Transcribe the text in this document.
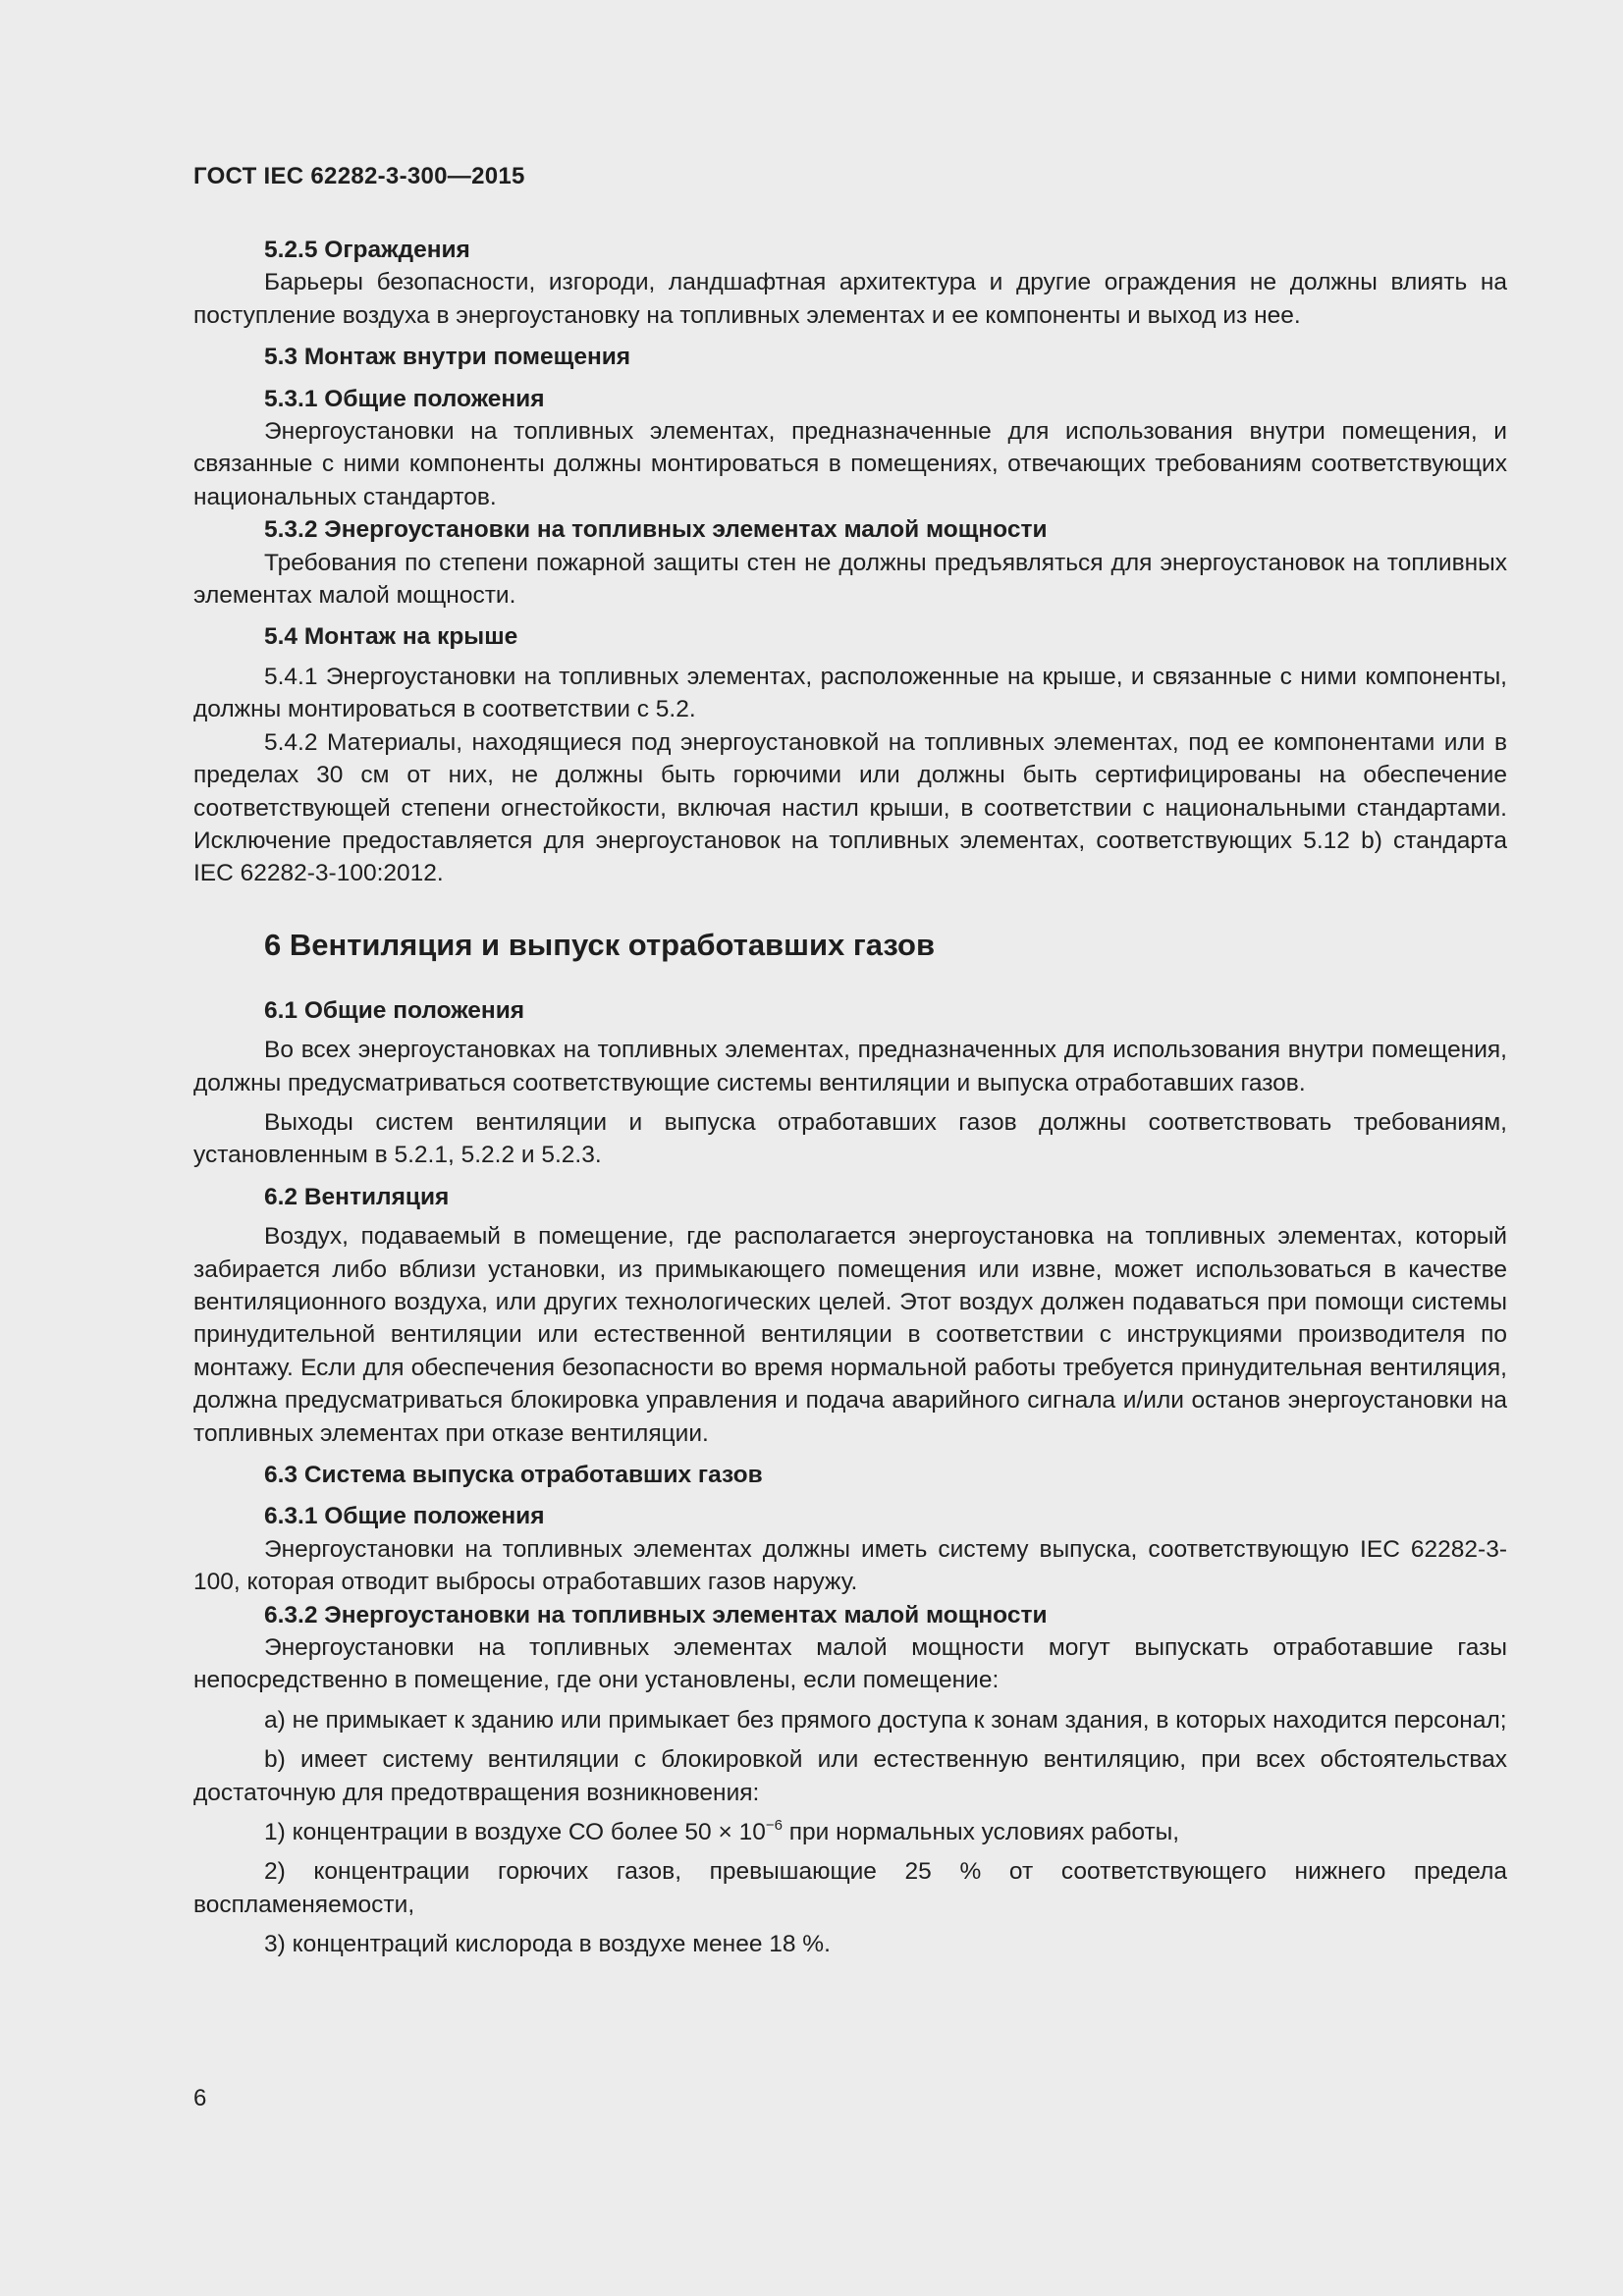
ГОСТ IEC 62282-3-300—2015

5.2.5 Ограждения

Барьеры безопасности, изгороди, ландшафтная архитектура и другие ограждения не должны влиять на поступление воздуха в энергоустановку на топливных элементах и ее компоненты и выход из нее.

5.3 Монтаж внутри помещения

5.3.1 Общие положения

Энергоустановки на топливных элементах, предназначенные для использования внутри помещения, и связанные с ними компоненты должны монтироваться в помещениях, отвечающих требованиям соответствующих национальных стандартов.

5.3.2 Энергоустановки на топливных элементах малой мощности

Требования по степени пожарной защиты стен не должны предъявляться для энергоустановок на топливных элементах малой мощности.

5.4 Монтаж на крыше

5.4.1 Энергоустановки на топливных элементах, расположенные на крыше, и связанные с ними компоненты, должны монтироваться в соответствии с 5.2.

5.4.2 Материалы, находящиеся под энергоустановкой на топливных элементах, под ее компонентами или в пределах 30 см от них, не должны быть горючими или должны быть сертифицированы на обеспечение соответствующей степени огнестойкости, включая настил крыши, в соответствии с национальными стандартами. Исключение предоставляется для энергоустановок на топливных элементах, соответствующих 5.12 b) стандарта IEC 62282-3-100:2012.

6 Вентиляция и выпуск отработавших газов

6.1 Общие положения

Во всех энергоустановках на топливных элементах, предназначенных для использования внутри помещения, должны предусматриваться соответствующие системы вентиляции и выпуска отработавших газов.

Выходы систем вентиляции и выпуска отработавших газов должны соответствовать требованиям, установленным в 5.2.1, 5.2.2 и 5.2.3.

6.2 Вентиляция

Воздух, подаваемый в помещение, где располагается энергоустановка на топливных элементах, который забирается либо вблизи установки, из примыкающего помещения или извне, может использоваться в качестве вентиляционного воздуха, или других технологических целей. Этот воздух должен подаваться при помощи системы принудительной вентиляции или естественной вентиляции в соответствии с инструкциями производителя по монтажу. Если для обеспечения безопасности во время нормальной работы требуется принудительная вентиляция, должна предусматриваться блокировка управления и подача аварийного сигнала и/или останов энергоустановки на топливных элементах при отказе вентиляции.

6.3 Система выпуска отработавших газов

6.3.1 Общие положения

Энергоустановки на топливных элементах должны иметь систему выпуска, соответствующую IEC 62282-3-100, которая отводит выбросы отработавших газов наружу.

6.3.2 Энергоустановки на топливных элементах малой мощности

Энергоустановки на топливных элементах малой мощности могут выпускать отработавшие газы непосредственно в помещение, где они установлены, если помещение:

a) не примыкает к зданию или примыкает без прямого доступа к зонам здания, в которых находится персонал;

b) имеет систему вентиляции с блокировкой или естественную вентиляцию, при всех обстоятельствах достаточную для предотвращения возникновения:

1) концентрации в воздухе СО более $50 \times 10^{-6}$ при нормальных условиях работы,

2) концентрации горючих газов, превышающие 25 % от соответствующего нижнего предела воспламеняемости,

3) концентраций кислорода в воздухе менее 18 %.

6
